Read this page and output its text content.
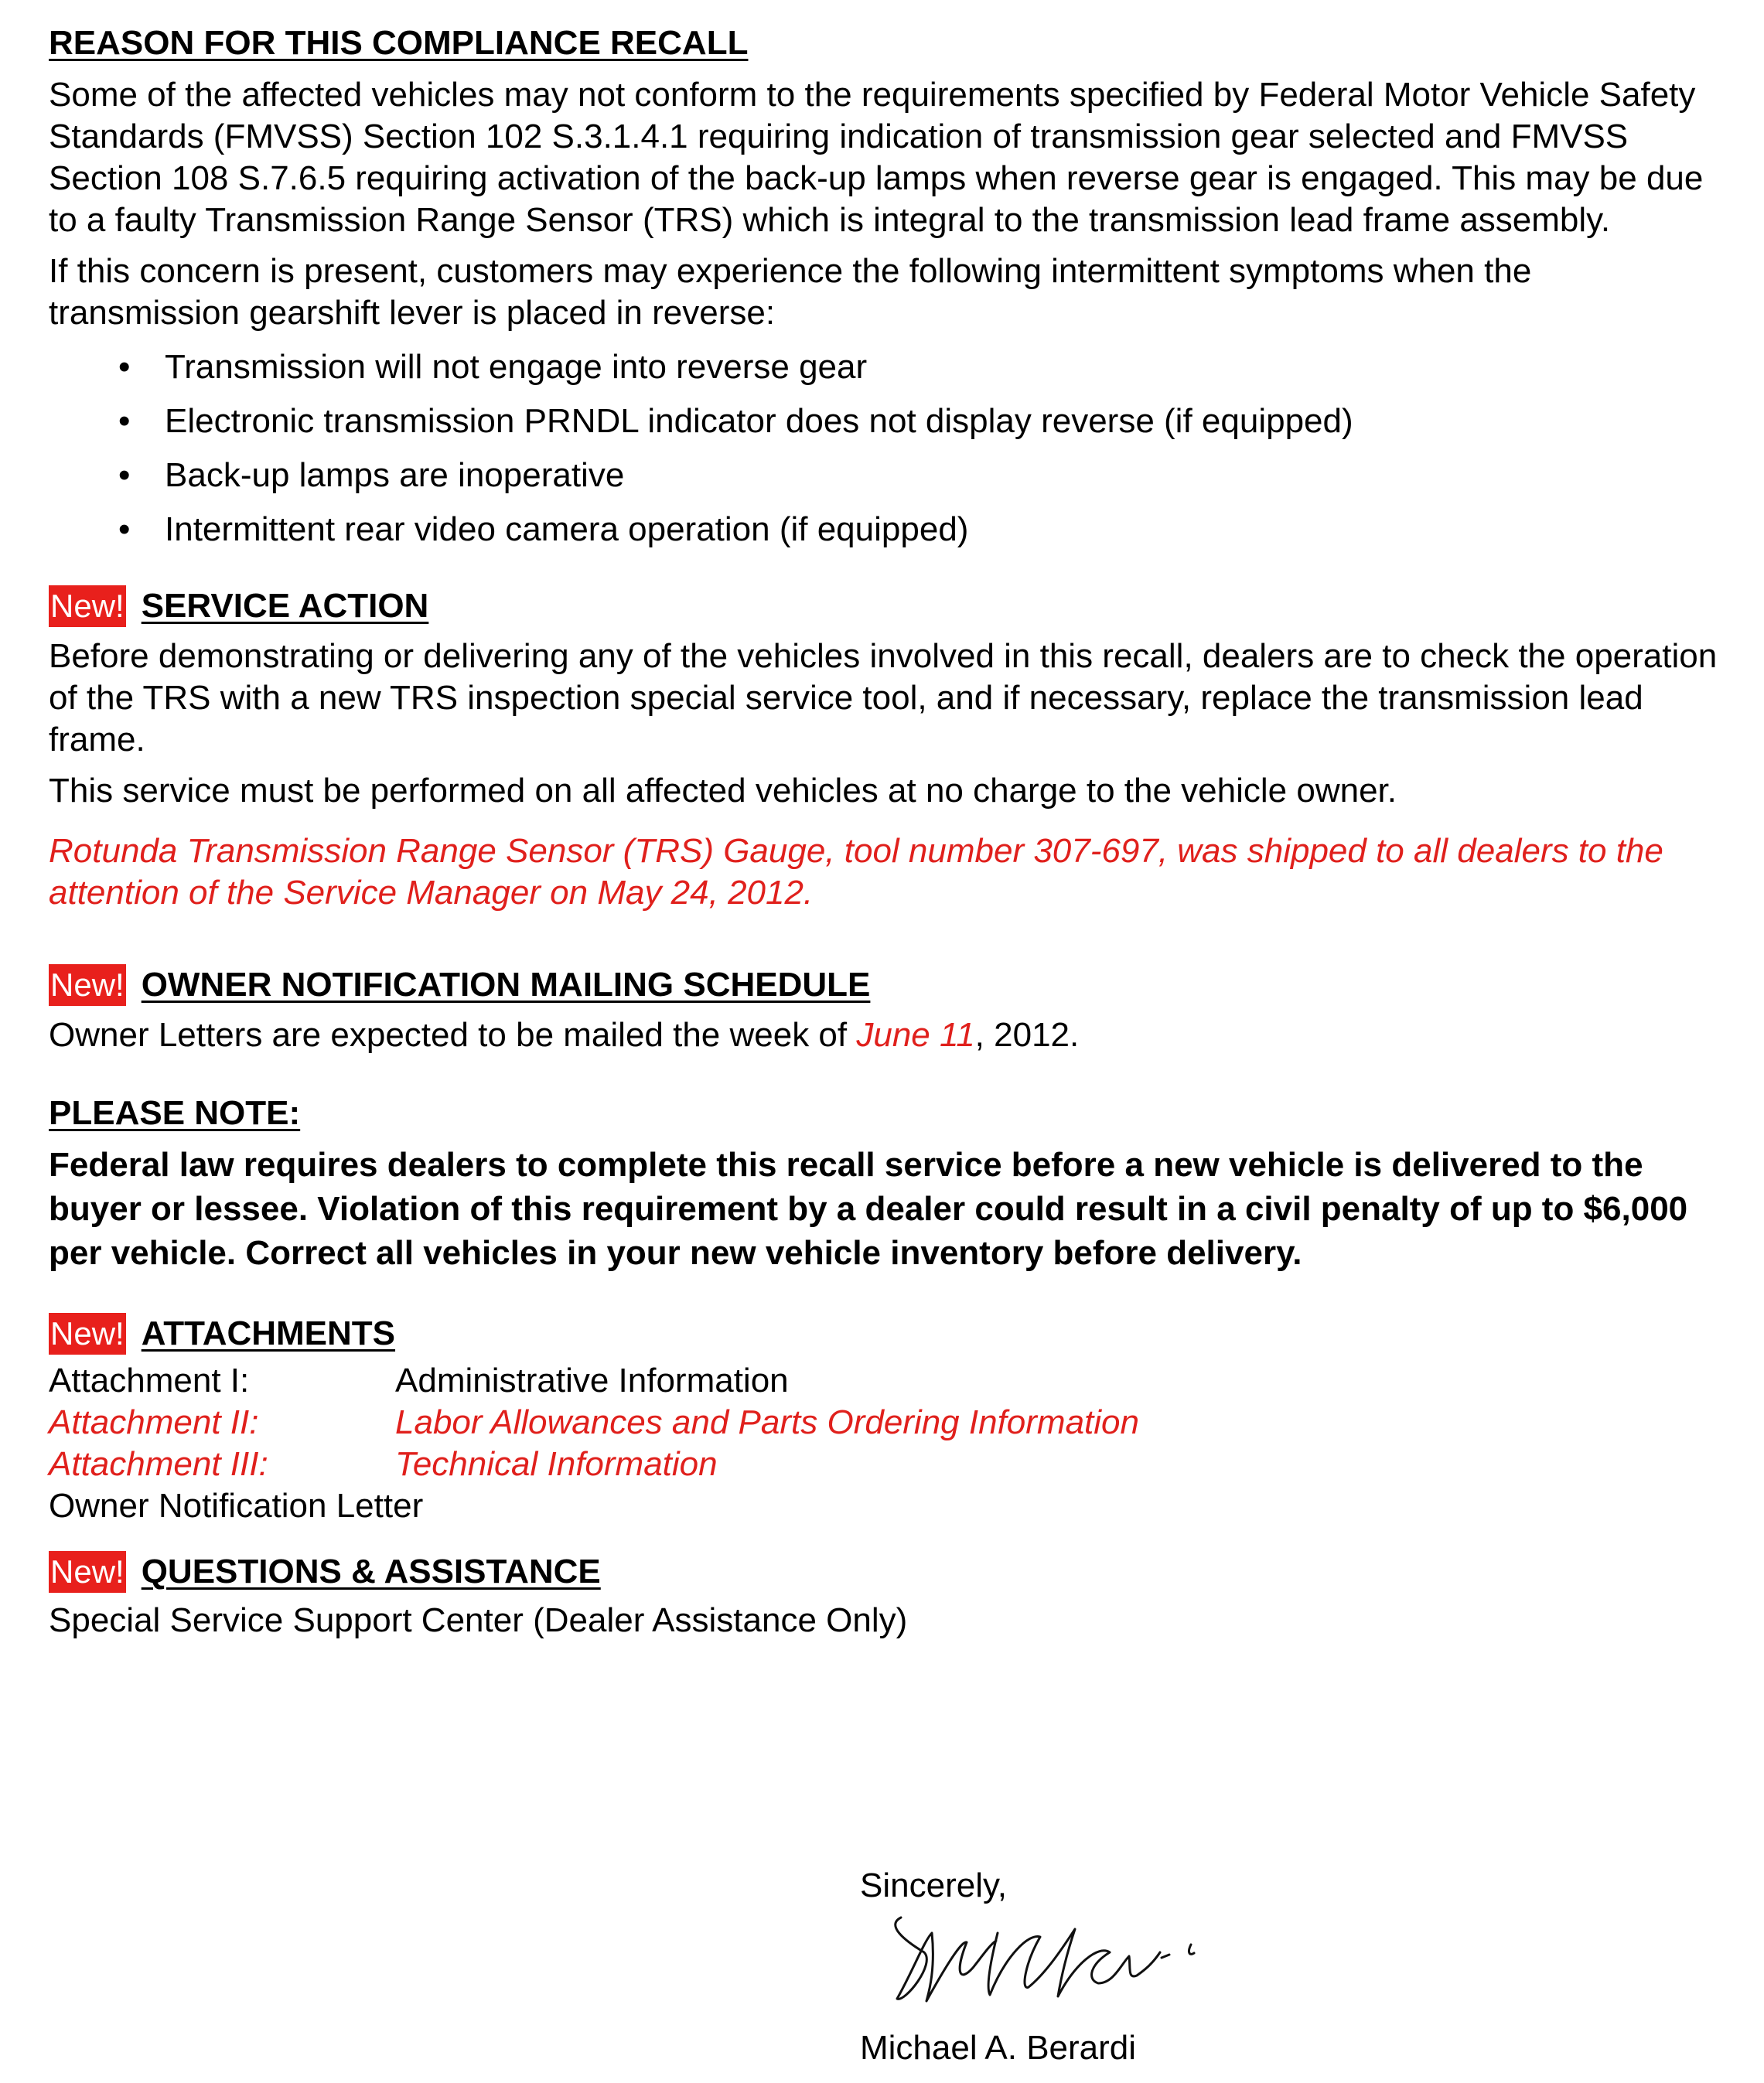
REASON FOR THIS COMPLIANCE RECALL

Some of the affected vehicles may not conform to the requirements specified by Federal Motor Vehicle Safety Standards (FMVSS) Section 102 S.3.1.4.1 requiring indication of transmission gear selected and FMVSS Section 108 S.7.6.5 requiring activation of the back-up lamps when reverse gear is engaged. This may be due to a faulty Transmission Range Sensor (TRS) which is integral to the transmission lead frame assembly.

If this concern is present, customers may experience the following intermittent symptoms when the transmission gearshift lever is placed in reverse:

• Transmission will not engage into reverse gear
• Electronic transmission PRNDL indicator does not display reverse (if equipped)
• Back-up lamps are inoperative
• Intermittent rear video camera operation (if equipped)
New! SERVICE ACTION

Before demonstrating or delivering any of the vehicles involved in this recall, dealers are to check the operation of the TRS with a new TRS inspection special service tool, and if necessary, replace the transmission lead frame.

This service must be performed on all affected vehicles at no charge to the vehicle owner.

Rotunda Transmission Range Sensor (TRS) Gauge, tool number 307-697, was shipped to all dealers to the attention of the Service Manager on May 24, 2012.

New! OWNER NOTIFICATION MAILING SCHEDULE

Owner Letters are expected to be mailed the week of June 11, 2012.

PLEASE NOTE:

Federal law requires dealers to complete this recall service before a new vehicle is delivered to the buyer or lessee. Violation of this requirement by a dealer could result in a civil penalty of up to $6,000 per vehicle. Correct all vehicles in your new vehicle inventory before delivery.

New! ATTACHMENTS
Attachment I:	Administrative Information
Attachment II:	Labor Allowances and Parts Ordering Information
Attachment III:	Technical Information
Owner Notification Letter
New! QUESTIONS & ASSISTANCE

Special Service Support Center (Dealer Assistance Only)

Sincerely,
Michael A. Berardi
